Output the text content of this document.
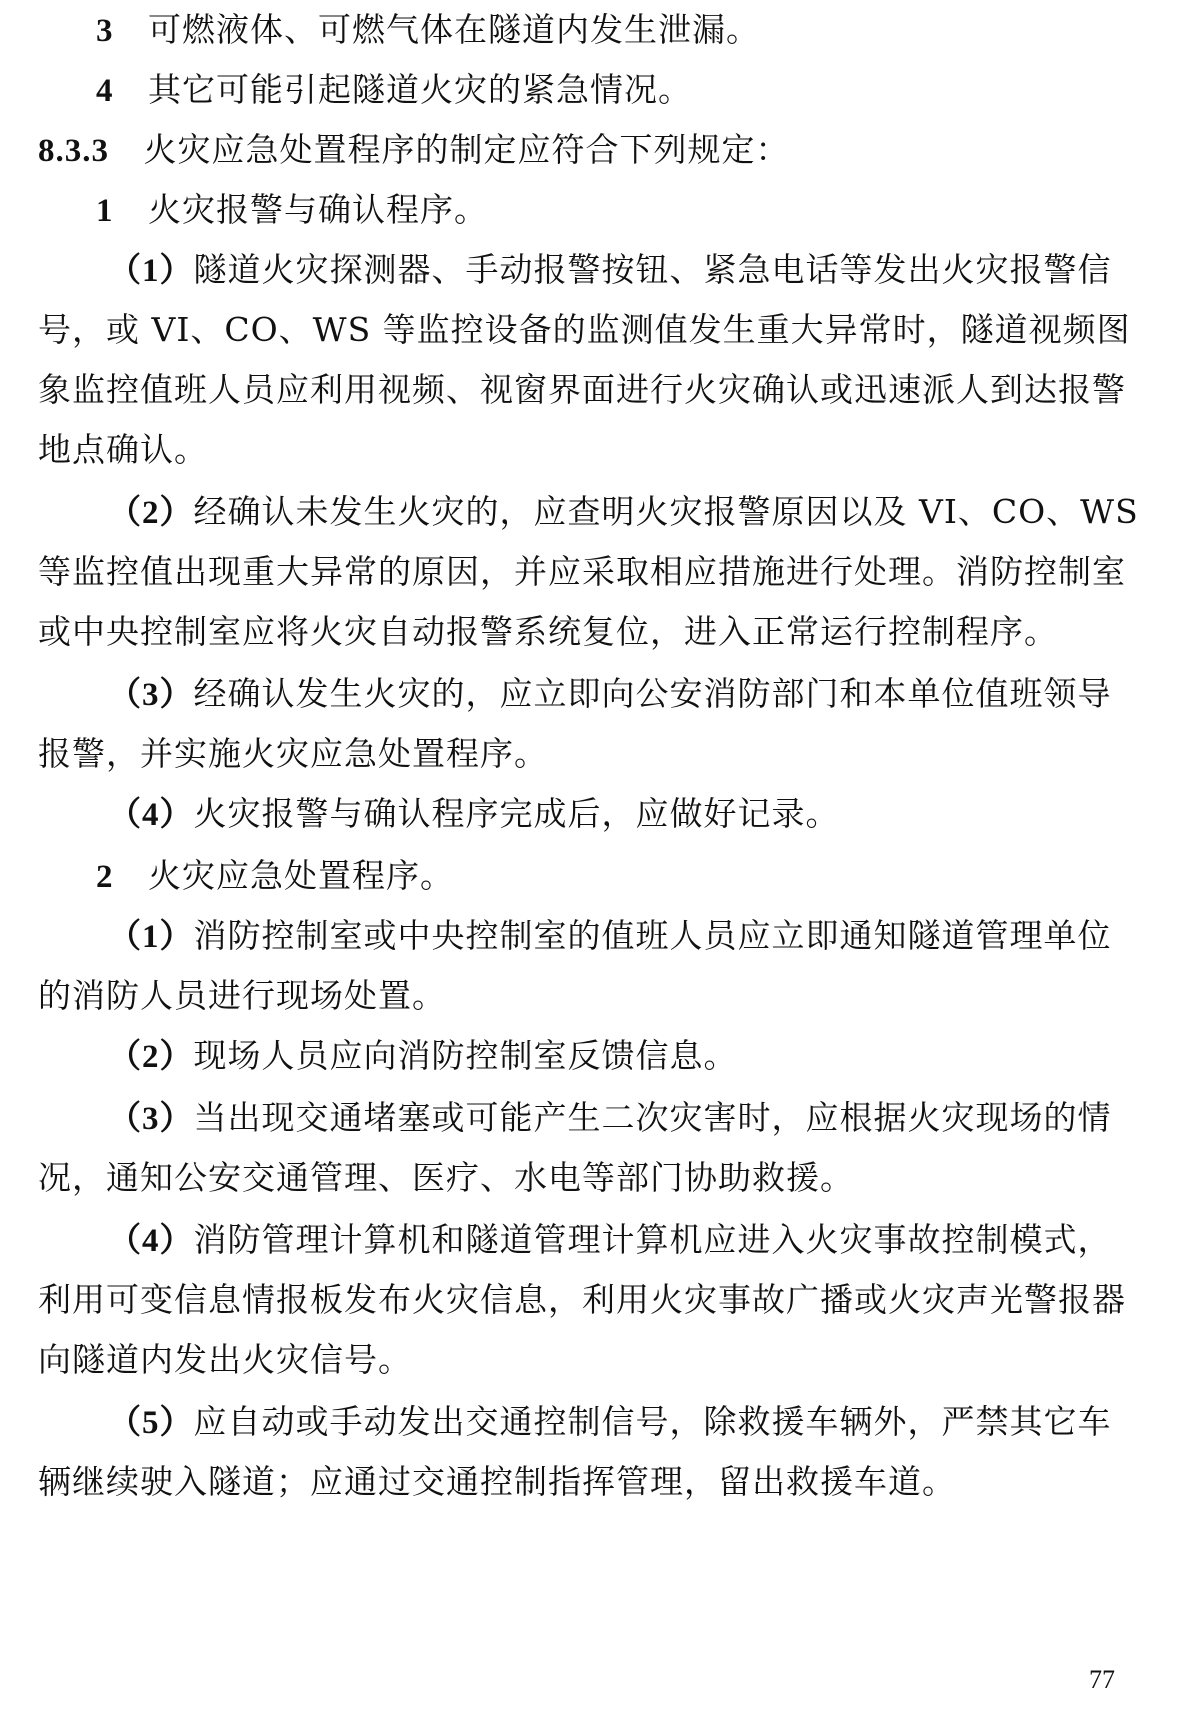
3 可燃液体、可燃气体在隧道内发生泄漏。
4 其它可能引起隧道火灾的紧急情况。
8.3.3 火灾应急处置程序的制定应符合下列规定：
1 火灾报警与确认程序。
（1）隧道火灾探测器、手动报警按钮、紧急电话等发出火灾报警信
号，或 VI、CO、WS 等监控设备的监测值发生重大异常时，隧道视频图
象监控值班人员应利用视频、视窗界面进行火灾确认或迅速派人到达报警
地点确认。
（2）经确认未发生火灾的，应查明火灾报警原因以及 VI、CO、WS
等监控值出现重大异常的原因，并应采取相应措施进行处理。消防控制室
或中央控制室应将火灾自动报警系统复位，进入正常运行控制程序。
（3）经确认发生火灾的，应立即向公安消防部门和本单位值班领导
报警，并实施火灾应急处置程序。
（4）火灾报警与确认程序完成后，应做好记录。
2 火灾应急处置程序。
（1）消防控制室或中央控制室的值班人员应立即通知隧道管理单位
的消防人员进行现场处置。
（2）现场人员应向消防控制室反馈信息。
（3）当出现交通堵塞或可能产生二次灾害时，应根据火灾现场的情
况，通知公安交通管理、医疗、水电等部门协助救援。
（4）消防管理计算机和隧道管理计算机应进入火灾事故控制模式，
利用可变信息情报板发布火灾信息，利用火灾事故广播或火灾声光警报器
向隧道内发出火灾信号。
（5）应自动或手动发出交通控制信号，除救援车辆外，严禁其它车
辆继续驶入隧道；应通过交通控制指挥管理，留出救援车道。
77
